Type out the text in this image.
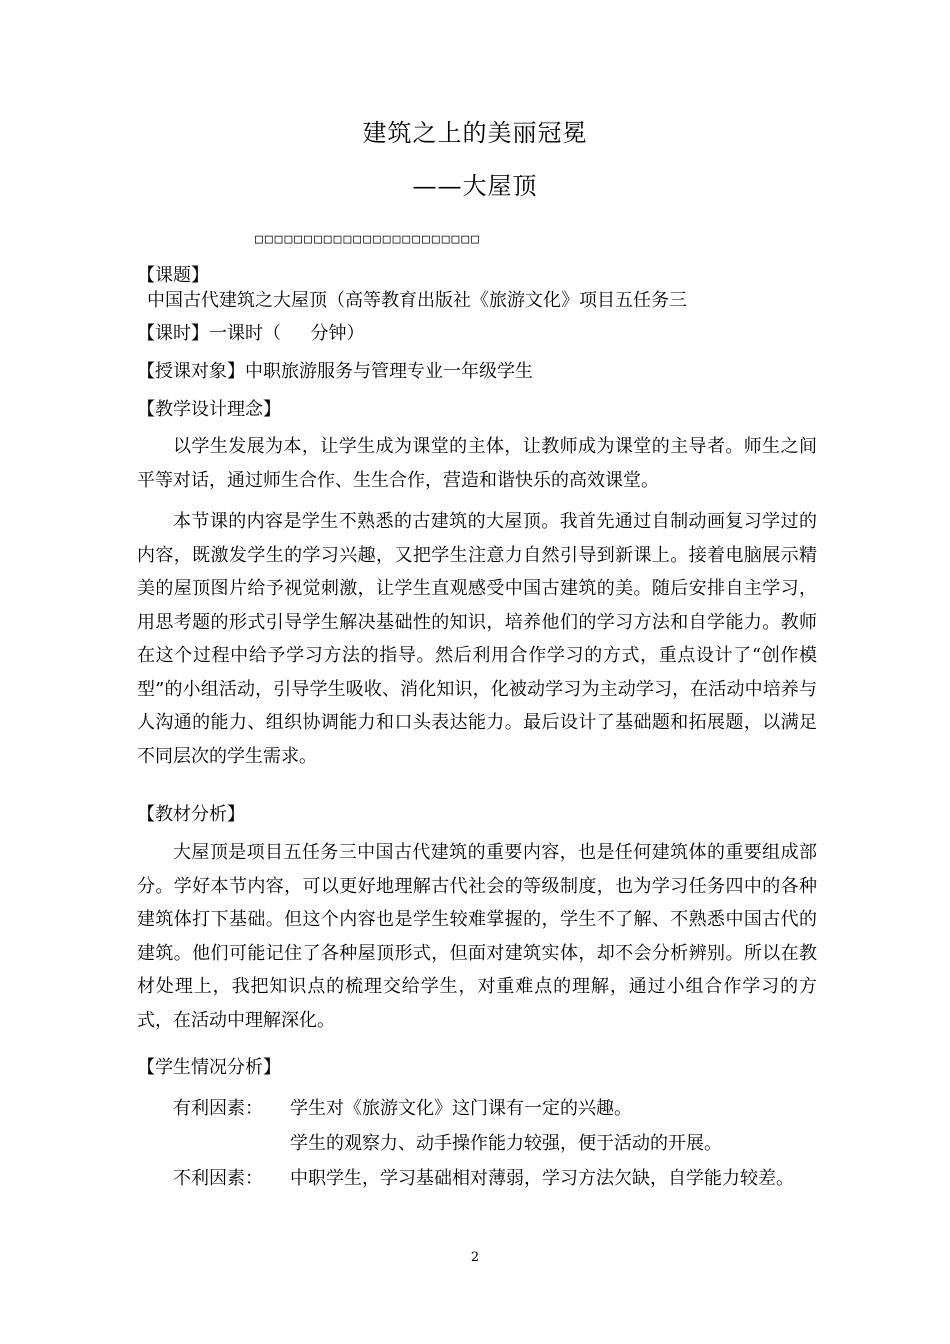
建筑之上的美丽冠冕
——大屋顶
□□□□□□□□□□□□□□□□□□□□□□□
【课题】
中国古代建筑之大屋顶（高等教育出版社《旅游文化》项目五任务三
【课时】一课时（　  分钟）
【授课对象】中职旅游服务与管理专业一年级学生
【教学设计理念】
以学生发展为本，让学生成为课堂的主体，让教师成为课堂的主导者。师生之间平等对话，通过师生合作、生生合作，营造和谐快乐的高效课堂。
本节课的内容是学生不熟悉的古建筑的大屋顶。我首先通过自制动画复习学过的内容，既激发学生的学习兴趣，又把学生注意力自然引导到新课上。接着电脑展示精美的屋顶图片给予视觉刺激，让学生直观感受中国古建筑的美。随后安排自主学习，用思考题的形式引导学生解决基础性的知识，培养他们的学习方法和自学能力。教师在这个过程中给予学习方法的指导。然后利用合作学习的方式，重点设计了“创作模型”的小组活动，引导学生吸收、消化知识，化被动学习为主动学习，在活动中培养与人沟通的能力、组织协调能力和口头表达能力。最后设计了基础题和拓展题，以满足不同层次的学生需求。
【教材分析】
大屋顶是项目五任务三中国古代建筑的重要内容，也是任何建筑体的重要组成部分。学好本节内容，可以更好地理解古代社会的等级制度，也为学习任务四中的各种建筑体打下基础。但这个内容也是学生较难掌握的，学生不了解、不熟悉中国古代的建筑。他们可能记住了各种屋顶形式，但面对建筑实体，却不会分析辨别。所以在教材处理上，我把知识点的梳理交给学生，对重难点的理解，通过小组合作学习的方式，在活动中理解深化。
【学生情况分析】
有利因素： 学生对《旅游文化》这门课有一定的兴趣。
学生的观察力、动手操作能力较强，便于活动的开展。
不利因素： 中职学生，学习基础相对薄弱，学习方法欠缺，自学能力较差。
2
